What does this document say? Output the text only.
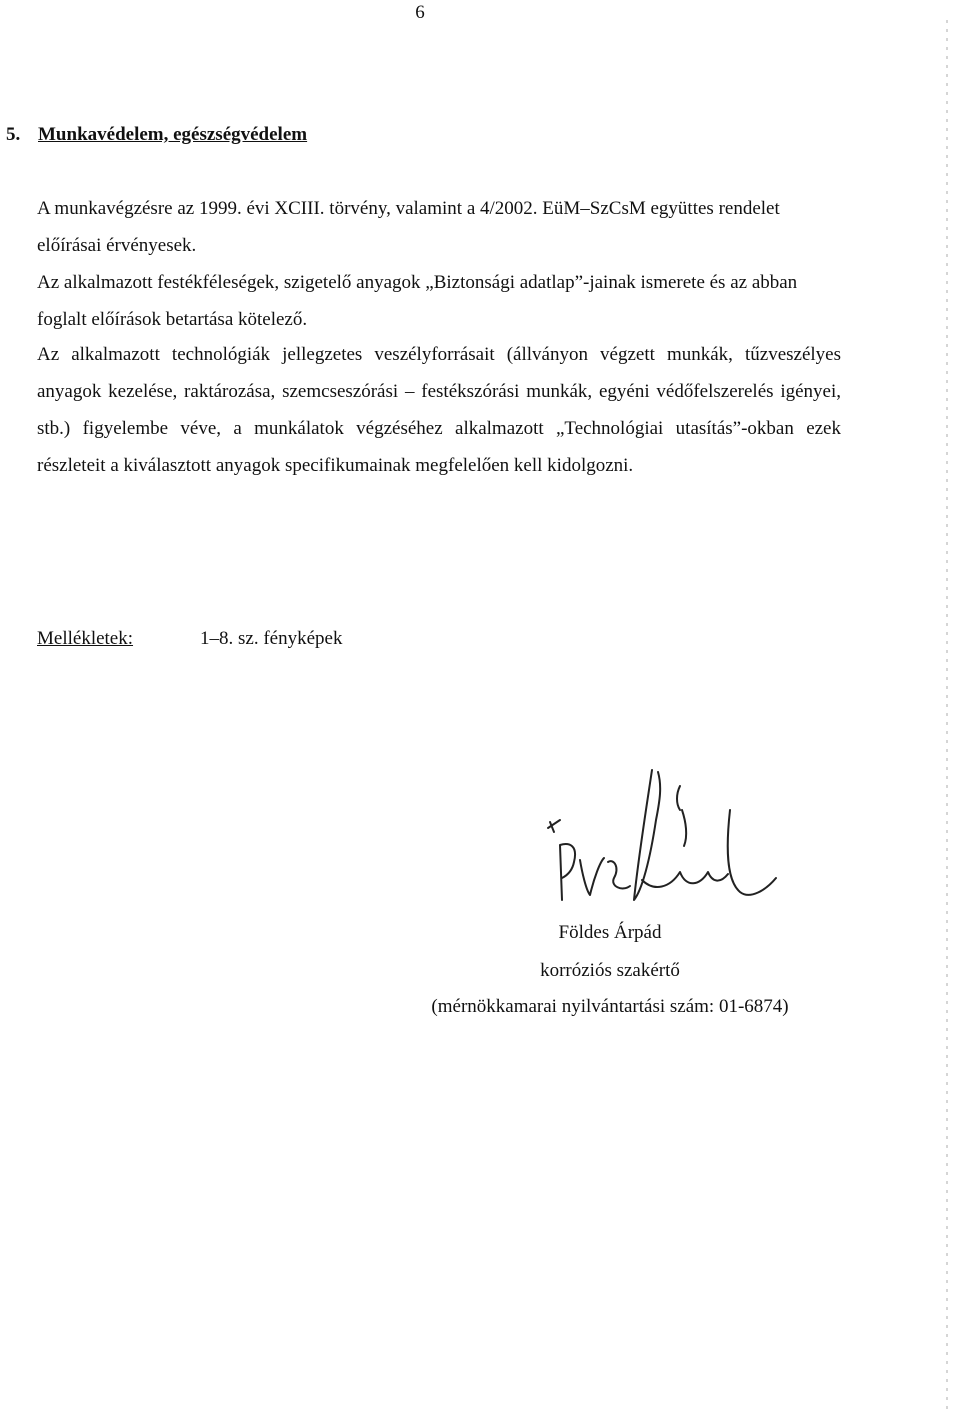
6
5. Munkavédelem, egészségvédelem

A munkavégzésre az 1999. évi XCIII. törvény, valamint a 4/2002. EüM–SzCsM együttes rendelet előírásai érvényesek.

Az alkalmazott festékféleségek, szigetelő anyagok „Biztonsági adatlap”-jainak ismerete és az abban foglalt előírások betartása kötelező.

Az alkalmazott technológiák jellegzetes veszélyforrásait (állványon végzett munkák, tűzveszélyes anyagok kezelése, raktározása, szemcseszórási – festékszórási munkák, egyéni védőfelszerelés igényei, stb.) figyelembe véve, a munkálatok végzéséhez alkalmazott „Technológiai utasítás”-okban ezek részleteit a kiválasztott anyagok specifikumainak megfelelően kell kidolgozni.

Mellékletek:	1–8. sz. fényképek
Földes Árpád
korróziós szakértő
(mérnökkamarai nyilvántartási szám: 01-6874)
